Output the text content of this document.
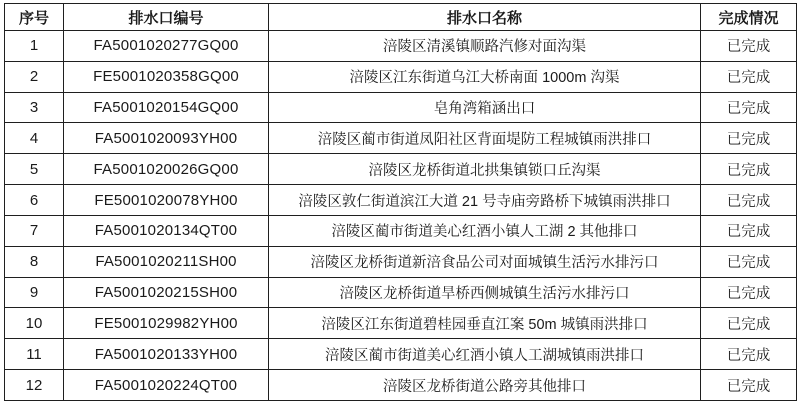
序号	排水口编号	排水口名称	完成情况
1	FA5001020277GQ00	涪陵区清溪镇顺路汽修对面沟渠	已完成
2	FE5001020358GQ00	涪陵区江东街道乌江大桥南面 1000m 沟渠	已完成
3	FA5001020154GQ00	皂角湾箱涵出口	已完成
4	FA5001020093YH00	涪陵区蔺市街道凤阳社区背面堤防工程城镇雨洪排口	已完成
5	FA5001020026GQ00	涪陵区龙桥街道北拱集镇锁口丘沟渠	已完成
6	FE5001020078YH00	涪陵区敦仁街道滨江大道 21 号寺庙旁路桥下城镇雨洪排口	已完成
7	FA5001020134QT00	涪陵区蔺市街道美心红酒小镇人工湖 2 其他排口	已完成
8	FA5001020211SH00	涪陵区龙桥街道新涪食品公司对面城镇生活污水排污口	已完成
9	FA5001020215SH00	涪陵区龙桥街道旱桥西侧城镇生活污水排污口	已完成
10	FE5001029982YH00	涪陵区江东街道碧桂园垂直江案 50m 城镇雨洪排口	已完成
11	FA5001020133YH00	涪陵区蔺市街道美心红酒小镇人工湖城镇雨洪排口	已完成
12	FA5001020224QT00	涪陵区龙桥街道公路旁其他排口	已完成
